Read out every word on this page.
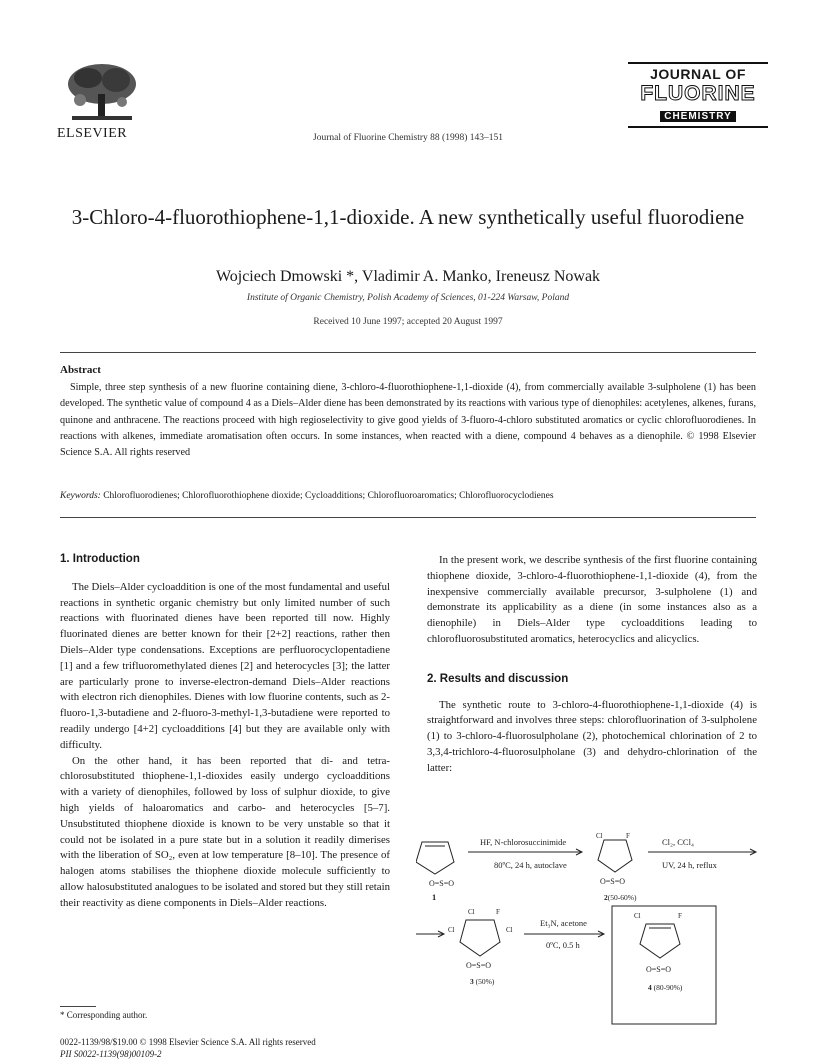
ELSEVIER	Journal of Fluorine Chemistry 88 (1998) 143–151
JOURNAL OF
FLUORINE
CHEMISTRY
3-Chloro-4-fluorothiophene-1,1-dioxide. A new synthetically useful fluorodiene
Wojciech Dmowski *, Vladimir A. Manko, Ireneusz Nowak
Institute of Organic Chemistry, Polish Academy of Sciences, 01-224 Warsaw, Poland
Received 10 June 1997; accepted 20 August 1997
Abstract
Simple, three step synthesis of a new fluorine containing diene, 3-chloro-4-fluorothiophene-1,1-dioxide (4), from commercially available 3-sulpholene (1) has been developed. The synthetic value of compound 4 as a Diels–Alder diene has been demonstrated by its reactions with various type of dienophiles: acetylenes, alkenes, furans, quinone and anthracene. The reactions proceed with high regioselectivity to give good yields of 3-fluoro-4-chloro substituted aromatics or cyclic chlorofluorodienes. In reactions with alkenes, immediate aromatisation often occurs. In some instances, when reacted with a diene, compound 4 behaves as a dienophile. © 1998 Elsevier Science S.A. All rights reserved
Keywords: Chlorofluorodienes; Chlorofluorothiophene dioxide; Cycloadditions; Chlorofluoroaromatics; Chlorofluorocyclodienes
1. Introduction

The Diels–Alder cycloaddition is one of the most fundamental and useful reactions in synthetic organic chemistry but only limited number of such reactions with fluorinated dienes have been reported till now. Highly fluorinated dienes are better known for their [2+2] reactions, rather then Diels–Alder type condensations. Exceptions are perfluorocyclopentadiene [1] and a few trifluoromethylated dienes [2] and heterocycles [3]; the latter are particularly prone to inverse-electron-demand Diels–Alder reactions with electron rich dienophiles. Dienes with low fluorine contents, such as 2-fluoro-1,3-butadiene and 2-fluoro-3-methyl-1,3-butadiene were reported to readily undergo [4+2] cycloadditions [4] but they are available only with difficulty.

On the other hand, it has been reported that di- and tetra-chlorosubstituted thiophene-1,1-dioxides easily undergo cycloadditions with a variety of dienophiles, followed by loss of sulphur dioxide, to give high yields of haloaromatics and carbo- and heterocycles [5–7]. Unsubstituted thiophene dioxide is known to be very unstable so that it could not be isolated in a pure state but in a solution it readily dimerises with the liberation of SO₂, even at low temperature [8–10]. The presence of halogen atoms stabilises the thiophene dioxide molecule sufficiently to allow halosubstituted analogues to be isolated and stored but they still retain their reactivity as diene components in Diels–Alder reactions.

In the present work, we describe synthesis of the first fluorine containing thiophene dioxide, 3-chloro-4-fluorothiophene-1,1-dioxide (4), from the inexpensive commercially available precursor, 3-sulpholene (1) and demonstrate its applicability as a diene (in some instances also as a dienophile) in Diels–Alder type cycloadditions leading to chlorofluorosubstituted aromatics, heterocyclics and alicyclics.

2. Results and discussion

The synthetic route to 3-chloro-4-fluorothiophene-1,1-dioxide (4) is straightforward and involves three steps: chlorofluorination of 3-sulpholene (1) to 3-chloro-4-fluorosulpholane (2), photochemical chlorination of 2 to 3,3,4-trichloro-4-fluorosulpholane (3) and dehydro-chlorination of the latter:

O=S=O
1
HF, N-chlorosuccinimide
80ºC, 24 h, autoclave
Cl	F
O=S=O
2(50-60%)
Cl₂, CCl₄
UV, 24 h, reflux
Cl	F
Cl	Cl
O=S=O
3 (50%)
Et₃N, acetone
0ºC, 0.5 h
Cl	F
O=S=O
4 (80-90%)
* Corresponding author.
0022-1139/98/$19.00 © 1998 Elsevier Science S.A. All rights reserved
PII S0022-1139(98)00109-2
